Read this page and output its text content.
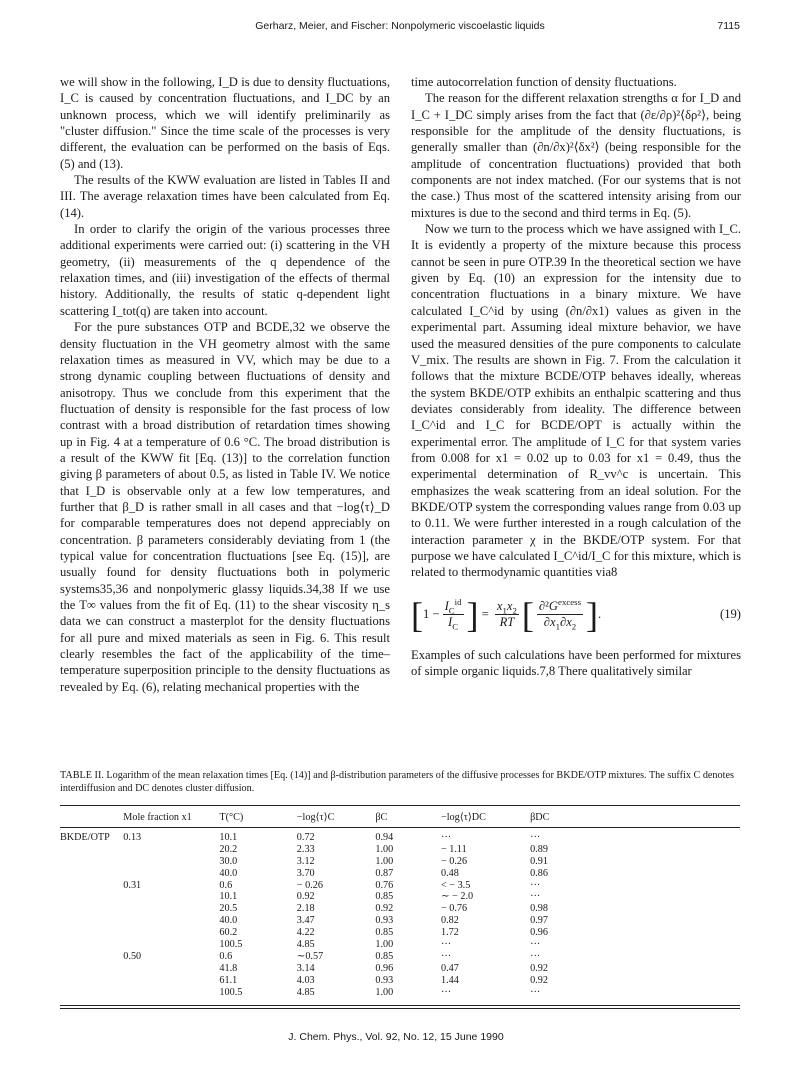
Gerharz, Meier, and Fischer: Nonpolymeric viscoelastic liquids	7115

we will show in the following, I_D is due to density fluctuations, I_C is caused by concentration fluctuations, and I_DC by an unknown process, which we will identify preliminarily as "cluster diffusion." Since the time scale of the processes is very different, the evaluation can be performed on the basis of Eqs. (5) and (13).

The results of the KWW evaluation are listed in Tables II and III. The average relaxation times have been calculated from Eq. (14).

In order to clarify the origin of the various processes three additional experiments were carried out: (i) scattering in the VH geometry, (ii) measurements of the q dependence of the relaxation times, and (iii) investigation of the effects of thermal history. Additionally, the results of static q-dependent light scattering I_tot(q) are taken into account.

For the pure substances OTP and BCDE,32 we observe the density fluctuation in the VH geometry almost with the same relaxation times as measured in VV, which may be due to a strong dynamic coupling between fluctuations of density and anisotropy. Thus we conclude from this experiment that the fluctuation of density is responsible for the fast process of low contrast with a broad distribution of retardation times showing up in Fig. 4 at a temperature of 0.6 °C. The broad distribution is a result of the KWW fit [Eq. (13)] to the correlation function giving β parameters of about 0.5, as listed in Table IV. We notice that I_D is observable only at a few low temperatures, and further that β_D is rather small in all cases and that −log⟨τ⟩_D for comparable temperatures does not depend appreciably on concentration. β parameters considerably deviating from 1 (the typical value for concentration fluctuations [see Eq. (15)], are usually found for density fluctuations both in polymeric systems35,36 and nonpolymeric glassy liquids.34,38 If we use the T∞ values from the fit of Eq. (11) to the shear viscosity η_s data we can construct a masterplot for the density fluctuations for all pure and mixed materials as seen in Fig. 6. This result clearly resembles the fact of the applicability of the time–temperature superposition principle to the density fluctuations as revealed by Eq. (6), relating mechanical properties with the

time autocorrelation function of density fluctuations.

The reason for the different relaxation strengths α for I_D and I_C + I_DC simply arises from the fact that (∂ε/∂ρ)²⟨δρ²⟩, being responsible for the amplitude of the density fluctuations, is generally smaller than (∂n/∂x)²⟨δx²⟩ (being responsible for the amplitude of concentration fluctuations) provided that both components are not index matched. (For our systems that is not the case.) Thus most of the scattered intensity arising from our mixtures is due to the second and third terms in Eq. (5).

Now we turn to the process which we have assigned with I_C. It is evidently a property of the mixture because this process cannot be seen in pure OTP.39 In the theoretical section we have given by Eq. (10) an expression for the intensity due to concentration fluctuations in a binary mixture. We have calculated I_C^id by using (∂n/∂x1) values as given in the experimental part. Assuming ideal mixture behavior, we have used the measured densities of the pure components to calculate V_mix. The results are shown in Fig. 7. From the calculation it follows that the mixture BCDE/OTP behaves ideally, whereas the system BKDE/OTP exhibits an enthalpic scattering and thus deviates considerably from ideality. The difference between I_C^id and I_C for BCDE/OPT is actually within the experimental error. The amplitude of I_C for that system varies from 0.008 for x1 = 0.02 up to 0.03 for x1 = 0.49, thus the experimental determination of R_vv^c is uncertain. This emphasizes the weak scattering from an ideal solution. For the BKDE/OTP system the corresponding values range from 0.03 up to 0.11. We were further interested in a rough calculation of the interaction parameter χ in the BKDE/OTP system. For that purpose we have calculated I_C^id/I_C for this mixture, which is related to thermodynamic quantities via8

[ $1 - \frac{I_C^{id}}{I_C}$ ] = $\frac{x_1x_2}{RT}$ [ $\frac{\partial^2G^{excess}}{\partial x_1\partial x_2}$ ] .	(19)

Examples of such calculations have been performed for mixtures of simple organic liquids.7,8 There qualitatively similar

TABLE II. Logarithm of the mean relaxation times [Eq. (14)] and β-distribution parameters of the diffusive processes for BKDE/OTP mixtures. The suffix C denotes interdiffusion and DC denotes cluster diffusion.

	Mole fraction x1	T(°C)	−log⟨τ⟩C	βC	−log⟨τ⟩DC	βDC

BKDE/OTP	0.13	10.1	0.72	0.94	···	···
		20.2	2.33	1.00	− 1.11	0.89
		30.0	3.12	1.00	− 0.26	0.91
		40.0	3.70	0.87	0.48	0.86
	0.31	0.6	− 0.26	0.76	< − 3.5	···
		10.1	0.92	0.85	∼ − 2.0	···
		20.5	2.18	0.92	− 0.76	0.98
		40.0	3.47	0.93	0.82	0.97
		60.2	4.22	0.85	1.72	0.96
		100.5	4.85	1.00	···	···
	0.50	0.6	∼0.57	0.85	···	···
		41.8	3.14	0.96	0.47	0.92
		61.1	4.03	0.93	1.44	0.92
		100.5	4.85	1.00	···	···
J. Chem. Phys., Vol. 92, No. 12, 15 June 1990
